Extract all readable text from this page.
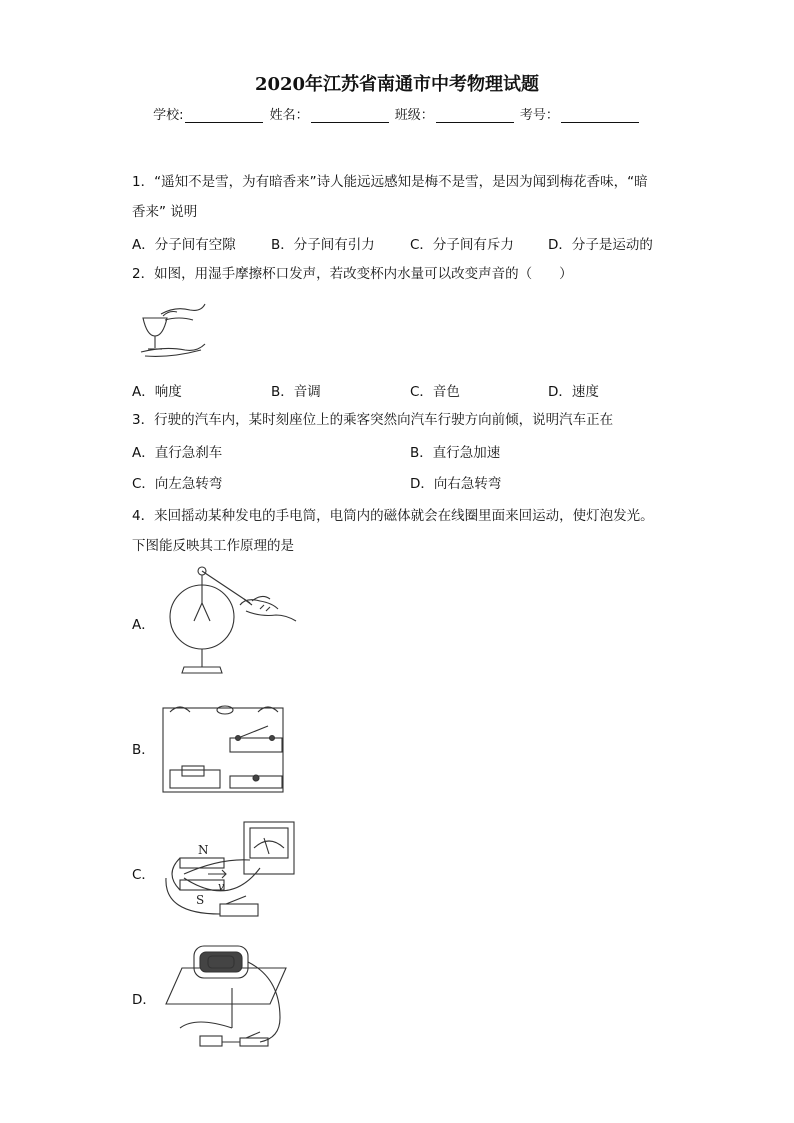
2020年江苏省南通市中考物理试题
学校:	姓名：	班级：	考号：
1．“遥知不是雪，为有暗香来”诗人能远远感知是梅不是雪，是因为闻到梅花香味，“暗
香来” 说明
A．分子间有空隙	B．分子间有引力	C．分子间有斥力	D．分子是运动的
2．如图，用湿手摩擦杯口发声，若改变杯内水量可以改变声音的（　　）
A．响度	B．音调	C．音色	D．速度
3．行驶的汽车内，某时刻座位上的乘客突然向汽车行驶方向前倾，说明汽车正在
A．直行急刹车	B．直行急加速
C．向左急转弯	D．向右急转弯
4．来回摇动某种发电的手电筒，电筒内的磁体就会在线圈里面来回运动，使灯泡发光。
下图能反映其工作原理的是
A．
B．
C．
N
S
v
D．
